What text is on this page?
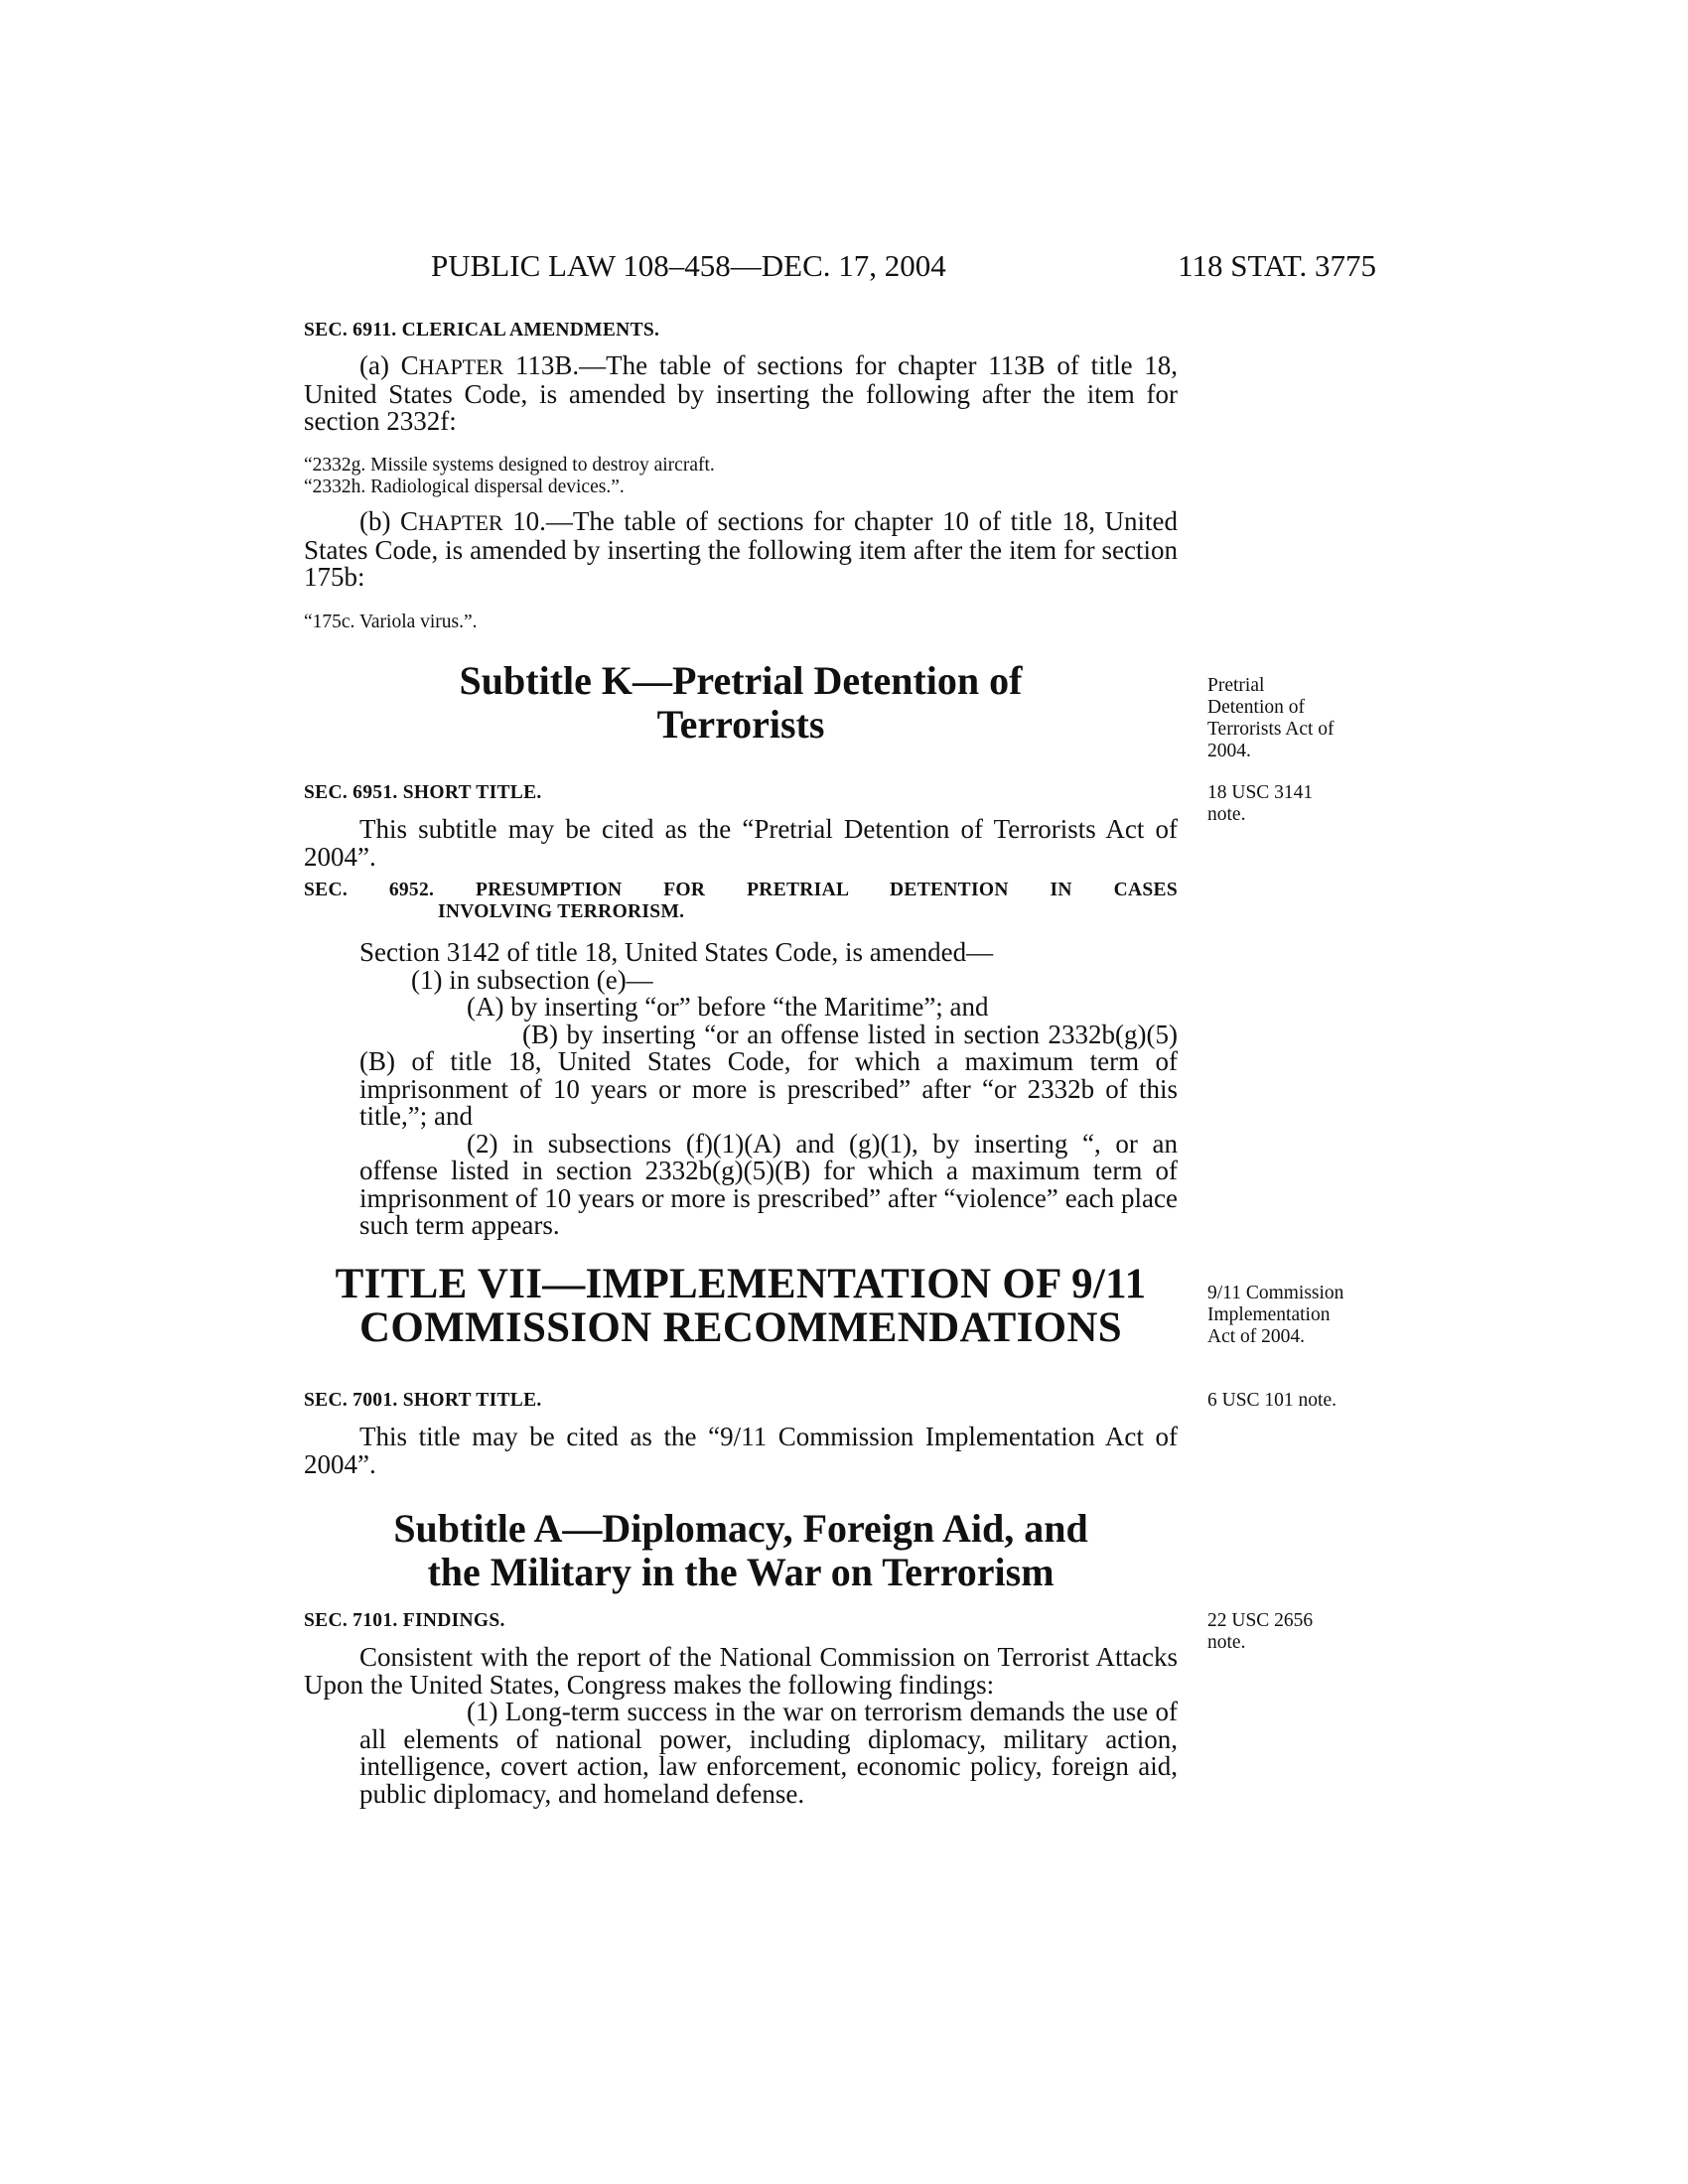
PUBLIC LAW 108–458—DEC. 17, 2004	118 STAT. 3775
SEC. 6911. CLERICAL AMENDMENTS.

(a) CHAPTER 113B.—The table of sections for chapter 113B of title 18, United States Code, is amended by inserting the following after the item for section 2332f:

“2332g. Missile systems designed to destroy aircraft.
“2332h. Radiological dispersal devices.”.

(b) CHAPTER 10.—The table of sections for chapter 10 of title 18, United States Code, is amended by inserting the following item after the item for section 175b:

“175c. Variola virus.”.
Subtitle K—Pretrial Detention of
Terrorists
Pretrial
Detention of
Terrorists Act of
2004.
SEC. 6951. SHORT TITLE.	18 USC 3141
note.

This subtitle may be cited as the “Pretrial Detention of Terrorists Act of 2004”.

SEC. 6952. PRESUMPTION FOR PRETRIAL DETENTION IN CASES
INVOLVING TERRORISM.

Section 3142 of title 18, United States Code, is amended—

(1) in subsection (e)—

(A) by inserting “or” before “the Maritime”; and

(B) by inserting “or an offense listed in section 2332b(g)(5)(B) of title 18, United States Code, for which a maximum term of imprisonment of 10 years or more is prescribed” after “or 2332b of this title,”; and

(2) in subsections (f)(1)(A) and (g)(1), by inserting “, or an offense listed in section 2332b(g)(5)(B) for which a maximum term of imprisonment of 10 years or more is prescribed” after “violence” each place such term appears.

TITLE VII—IMPLEMENTATION OF 9/11
COMMISSION RECOMMENDATIONS
9/11 Commission
Implementation
Act of 2004.
SEC. 7001. SHORT TITLE.	6 USC 101 note.

This title may be cited as the “9/11 Commission Implementation Act of 2004”.

Subtitle A—Diplomacy, Foreign Aid, and
the Military in the War on Terrorism
SEC. 7101. FINDINGS.	22 USC 2656
note.

Consistent with the report of the National Commission on Terrorist Attacks Upon the United States, Congress makes the following findings:

(1) Long-term success in the war on terrorism demands the use of all elements of national power, including diplomacy, military action, intelligence, covert action, law enforcement, economic policy, foreign aid, public diplomacy, and homeland defense.
